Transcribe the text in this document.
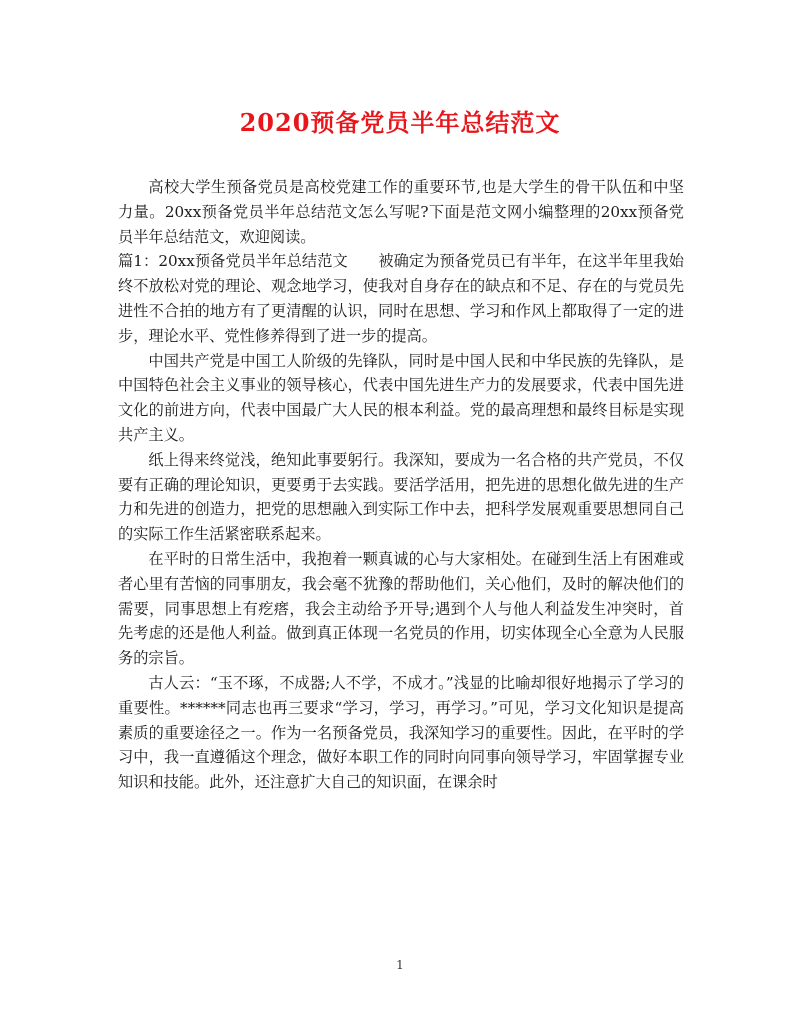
2020预备党员半年总结范文

高校大学生预备党员是高校党建工作的重要环节,也是大学生的骨干队伍和中坚力量。20xx预备党员半年总结范文怎么写呢?下面是范文网小编整理的20xx预备党员半年总结范文，欢迎阅读。

篇1：20xx预备党员半年总结范文　　被确定为预备党员已有半年，在这半年里我始终不放松对党的理论、观念地学习，使我对自身存在的缺点和不足、存在的与党员先进性不合拍的地方有了更清醒的认识，同时在思想、学习和作风上都取得了一定的进步，理论水平、党性修养得到了进一步的提高。

中国共产党是中国工人阶级的先锋队，同时是中国人民和中华民族的先锋队，是中国特色社会主义事业的领导核心，代表中国先进生产力的发展要求，代表中国先进文化的前进方向，代表中国最广大人民的根本利益。党的最高理想和最终目标是实现共产主义。

纸上得来终觉浅，绝知此事要躬行。我深知，要成为一名合格的共产党员，不仅要有正确的理论知识，更要勇于去实践。要活学活用，把先进的思想化做先进的生产力和先进的创造力，把党的思想融入到实际工作中去，把科学发展观重要思想同自己的实际工作生活紧密联系起来。

在平时的日常生活中，我抱着一颗真诚的心与大家相处。在碰到生活上有困难或者心里有苦恼的同事朋友，我会毫不犹豫的帮助他们，关心他们，及时的解决他们的需要，同事思想上有疙瘩，我会主动给予开导;遇到个人与他人利益发生冲突时，首先考虑的还是他人利益。做到真正体现一名党员的作用，切实体现全心全意为人民服务的宗旨。

古人云：“玉不琢，不成器;人不学，不成才。”浅显的比喻却很好地揭示了学习的重要性。******同志也再三要求“学习，学习，再学习。”可见，学习文化知识是提高素质的重要途径之一。作为一名预备党员，我深知学习的重要性。因此，在平时的学习中，我一直遵循这个理念，做好本职工作的同时向同事向领导学习，牢固掌握专业知识和技能。此外，还注意扩大自己的知识面，在课余时

1
